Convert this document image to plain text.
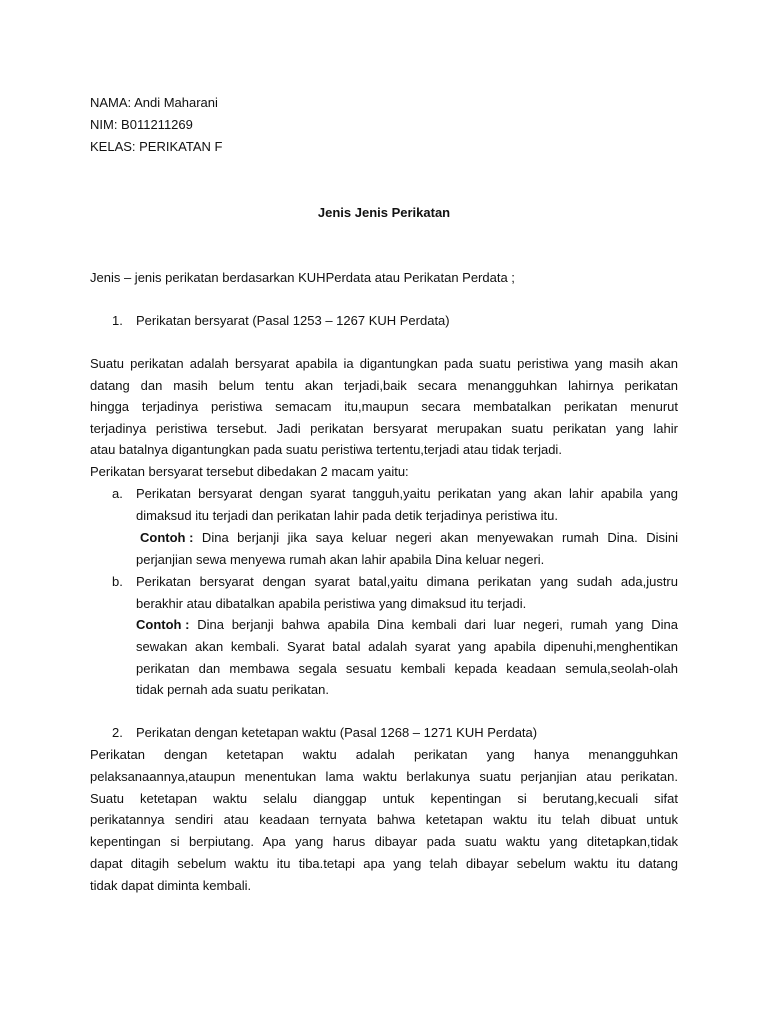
NAMA: Andi Maharani
NIM: B011211269
KELAS: PERIKATAN F
Jenis Jenis Perikatan
Jenis – jenis perikatan berdasarkan KUHPerdata atau Perikatan Perdata ;
1. Perikatan bersyarat (Pasal 1253 – 1267 KUH Perdata)
Suatu perikatan adalah bersyarat apabila ia digantungkan pada suatu peristiwa yang masih akan
datang dan masih belum tentu akan terjadi,baik secara menangguhkan lahirnya perikatan
hingga terjadinya peristiwa semacam itu,maupun secara membatalkan perikatan menurut
terjadinya peristiwa tersebut. Jadi perikatan bersyarat merupakan suatu perikatan yang lahir
atau batalnya digantungkan pada suatu peristiwa tertentu,terjadi atau tidak terjadi.
Perikatan bersyarat tersebut dibedakan 2 macam yaitu:
a. Perikatan bersyarat dengan syarat tangguh,yaitu perikatan yang akan lahir apabila yang
dimaksud itu terjadi dan perikatan lahir pada detik terjadinya peristiwa itu.
Contoh : Dina berjanji jika saya keluar negeri akan menyewakan rumah Dina. Disini
perjanjian sewa menyewa rumah akan lahir apabila Dina keluar negeri.
b. Perikatan bersyarat dengan syarat batal,yaitu dimana perikatan yang sudah ada,justru
berakhir atau dibatalkan apabila peristiwa yang dimaksud itu terjadi.
Contoh : Dina berjanji bahwa apabila Dina kembali dari luar negeri, rumah yang Dina
sewakan akan kembali. Syarat batal adalah syarat yang apabila dipenuhi,menghentikan
perikatan dan membawa segala sesuatu kembali kepada keadaan semula,seolah-olah
tidak pernah ada suatu perikatan.
2. Perikatan dengan ketetapan waktu (Pasal 1268 – 1271 KUH Perdata)
Perikatan dengan ketetapan waktu adalah perikatan yang hanya menangguhkan
pelaksanaannya,ataupun menentukan lama waktu berlakunya suatu perjanjian atau perikatan.
Suatu ketetapan waktu selalu dianggap untuk kepentingan si berutang,kecuali sifat
perikatannya sendiri atau keadaan ternyata bahwa ketetapan waktu itu telah dibuat untuk
kepentingan si berpiutang. Apa yang harus dibayar pada suatu waktu yang ditetapkan,tidak
dapat ditagih sebelum waktu itu tiba.tetapi apa yang telah dibayar sebelum waktu itu datang
tidak dapat diminta kembali.
